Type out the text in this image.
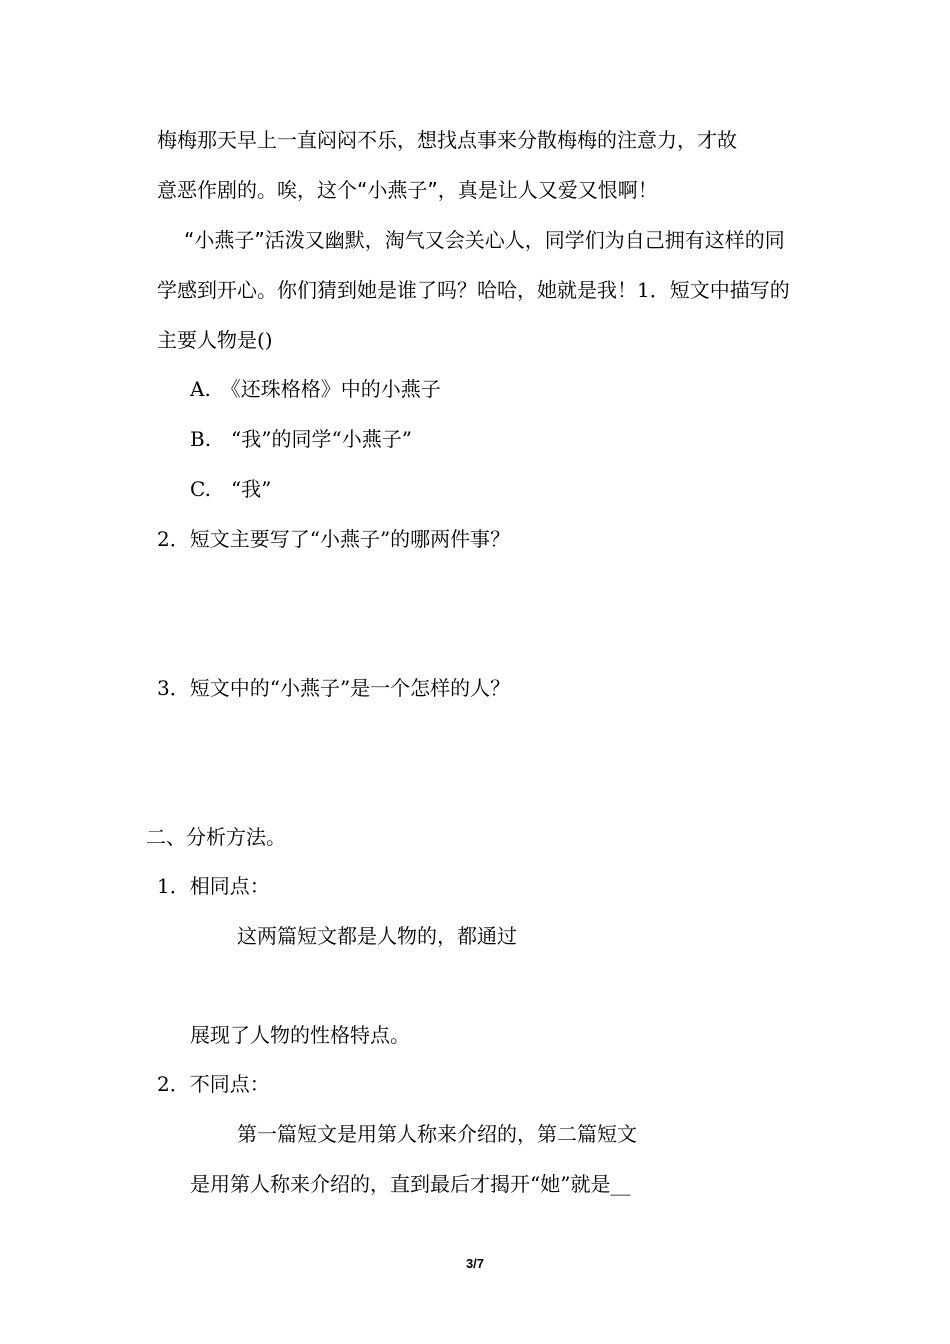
梅梅那天早上一直闷闷不乐，想找点事来分散梅梅的注意力，才故
意恶作剧的。唉，这个“小燕子”，真是让人又爱又恨啊！
“小燕子”活泼又幽默，淘气又会关心人，同学们为自己拥有这样的同
学感到开心。你们猜到她是谁了吗？哈哈，她就是我！1．短文中描写的
主要人物是()
A.　《还珠格格》中的小燕子
B.　“我”的同学“小燕子”
C.　“我”
2．短文主要写了“小燕子”的哪两件事？
3．短文中的“小燕子”是一个怎样的人？
二、分析方法。
1．相同点：
这两篇短文都是人物的，都通过
展现了人物的性格特点。
2．不同点：
第一篇短文是用第人称来介绍的，第二篇短文
是用第人称来介绍的，直到最后才揭开“她”就是__
3/7
